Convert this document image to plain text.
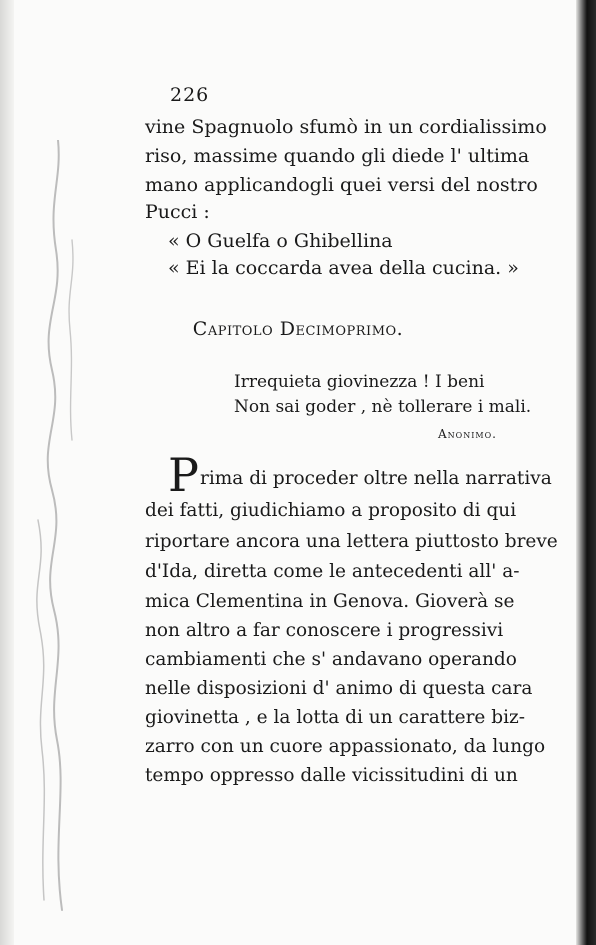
226
vine Spagnuolo sfumò in un cordialissimo
riso, massime quando gli diede l' ultima
mano applicandogli quei versi del nostro
Pucci :
« O Guelfa o Ghibellina
« Ei la coccarda avea della cucina. »
Capitolo Decimoprimo.
Irrequieta giovinezza ! I beni
Non sai goder , nè tollerare i mali.
Anonimo.
P rima di proceder oltre nella narrativa
dei fatti, giudichiamo a proposito di qui
riportare ancora una lettera piuttosto breve
d'Ida, diretta come le antecedenti all' a-
mica Clementina in Genova. Gioverà se
non altro a far conoscere i progressivi
cambiamenti che s' andavano operando
nelle disposizioni d' animo di questa cara
giovinetta , e la lotta di un carattere biz-
zarro con un cuore appassionato, da lungo
tempo oppresso dalle vicissitudini di un
